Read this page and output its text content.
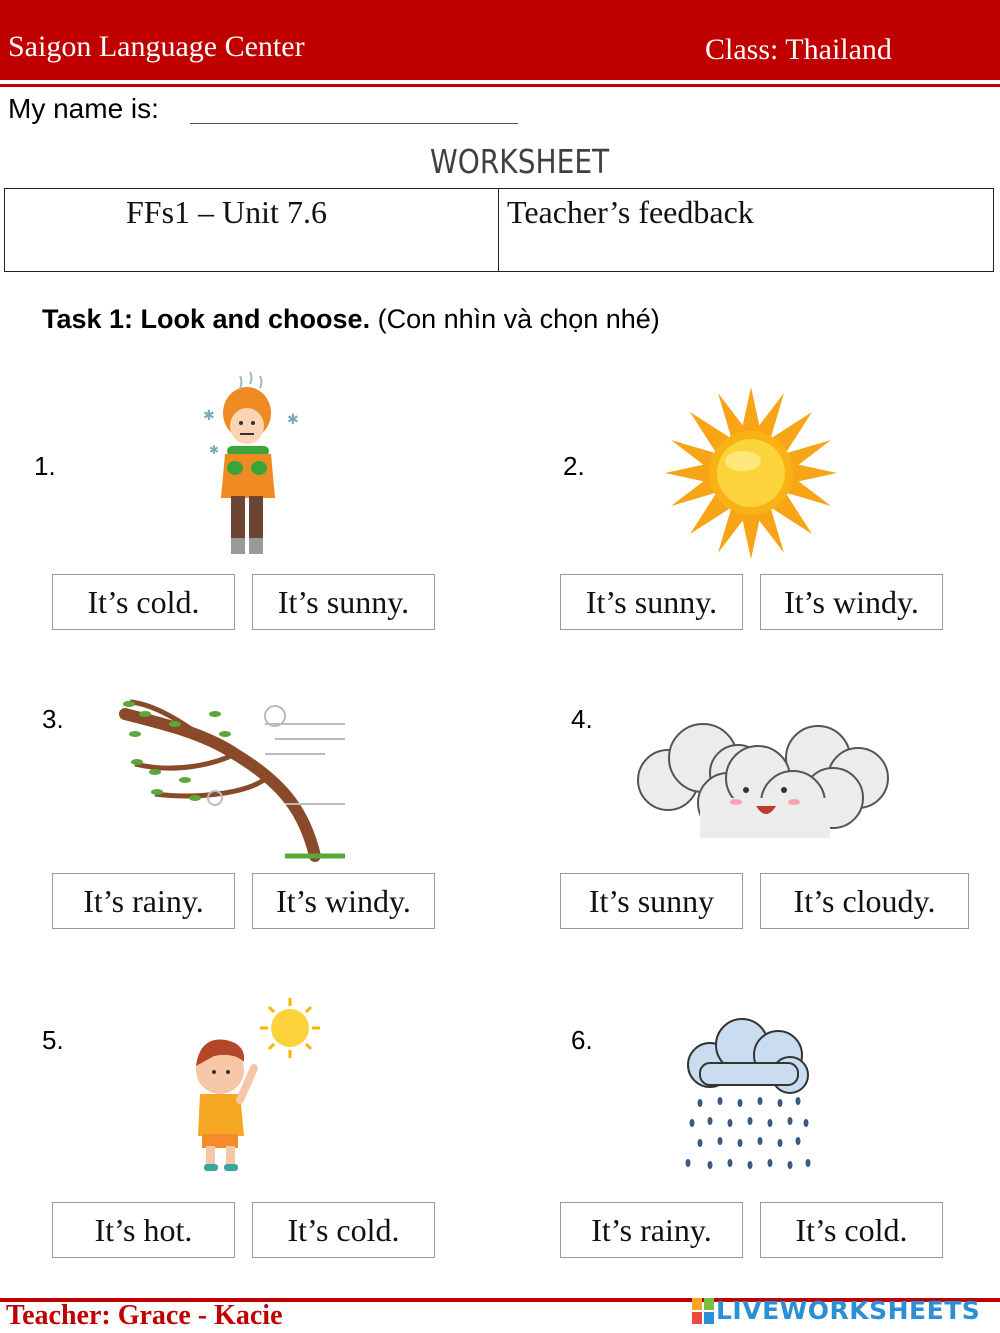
Saigon Language Center	Class: Thailand
My name is:
WORKSHEET
FFs1 – Unit 7.6	Teacher’s feedback
Task 1: Look and choose. (Con nhìn và chọn nhé)
1.
✱	✱
✱
It’s cold.	It’s sunny.
2.
It’s sunny.	It’s windy.
3.
It’s rainy.	It’s windy.
4.
It’s sunny	It’s cloudy.
5.
It’s hot.	It’s cold.
6.
It’s rainy.	It’s cold.
Teacher: Grace - Kacie	LIVEWORKSHEETS
